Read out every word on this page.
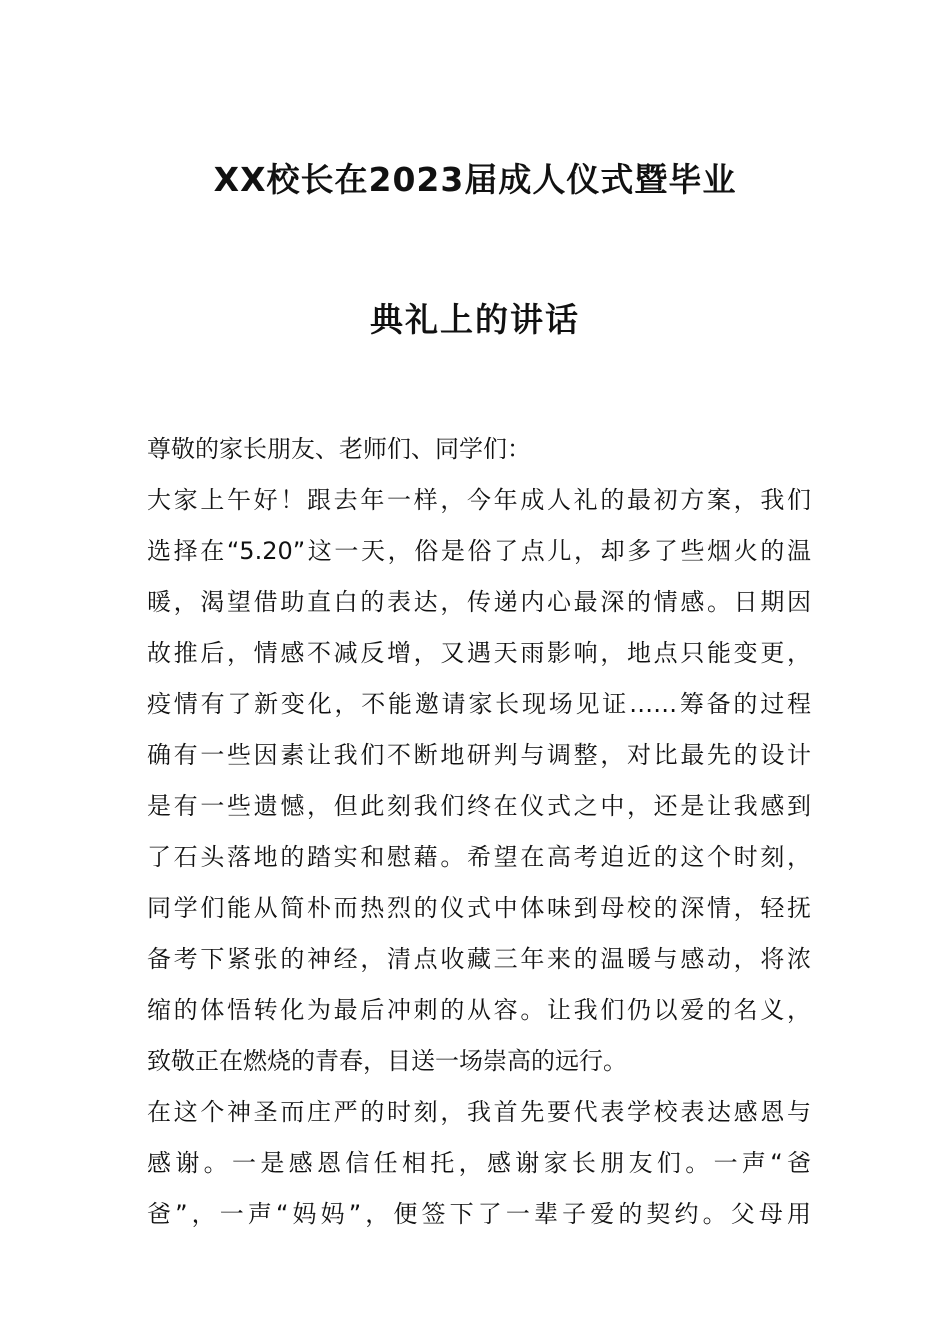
XX校长在2023届成人仪式暨毕业
典礼上的讲话
尊敬的家长朋友、老师们、同学们：
大家上午好！跟去年一样，今年成人礼的最初方案，我们
选择在“5.20”这一天，俗是俗了点儿，却多了些烟火的温
暖，渴望借助直白的表达，传递内心最深的情感。日期因
故推后，情感不减反增，又遇天雨影响，地点只能变更，
疫情有了新变化，不能邀请家长现场见证……筹备的过程
确有一些因素让我们不断地研判与调整，对比最先的设计
是有一些遗憾，但此刻我们终在仪式之中，还是让我感到
了石头落地的踏实和慰藉。希望在高考迫近的这个时刻，
同学们能从简朴而热烈的仪式中体味到母校的深情，轻抚
备考下紧张的神经，清点收藏三年来的温暖与感动，将浓
缩的体悟转化为最后冲刺的从容。让我们仍以爱的名义，
致敬正在燃烧的青春，目送一场崇高的远行。
在这个神圣而庄严的时刻，我首先要代表学校表达感恩与
感谢。一是感恩信任相托，感谢家长朋友们。一声“爸
爸”，一声“妈妈”，便签下了一辈子爱的契约。父母用
